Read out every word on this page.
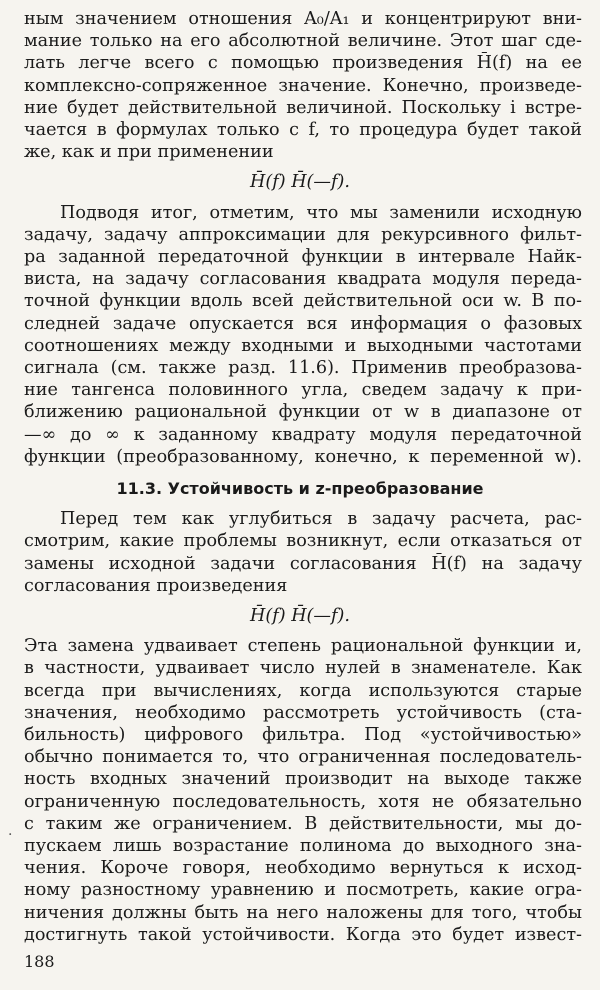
ным значением отношения A₀/A₁ и концентрируют вни-
мание только на его абсолютной величине. Этот шаг сде-
лать легче всего с помощью произведения H̄(f) на ее
комплексно-сопряженное значение. Конечно, произведе-
ние будет действительной величиной. Поскольку i встре-
чается в формулах только с f, то процедура будет такой
же, как и при применении
H̄(f) H̄(—f).
Подводя итог, отметим, что мы заменили исходную
задачу, задачу аппроксимации для рекурсивного фильт-
ра заданной передаточной функции в интервале Найк-
виста, на задачу согласования квадрата модуля переда-
точной функции вдоль всей действительной оси w. В по-
следней задаче опускается вся информация о фазовых
соотношениях между входными и выходными частотами
сигнала (см. также разд. 11.6). Применив преобразова-
ние тангенса половинного угла, сведем задачу к при-
ближению рациональной функции от w в диапазоне от
—∞ до ∞ к заданному квадрату модуля передаточной
функции (преобразованному, конечно, к переменной w).
11.3. Устойчивость и z-преобразование
Перед тем как углубиться в задачу расчета, рас-
смотрим, какие проблемы возникнут, если отказаться от
замены исходной задачи согласования H̄(f) на задачу
согласования произведения
H̄(f) H̄(—f).
Эта замена удваивает степень рациональной функции и,
в частности, удваивает число нулей в знаменателе. Как
всегда при вычислениях, когда используются старые
значения, необходимо рассмотреть устойчивость (ста-
бильность) цифрового фильтра. Под «устойчивостью»
обычно понимается то, что ограниченная последователь-
ность входных значений производит на выходе также
ограниченную последовательность, хотя не обязательно
с таким же ограничением. В действительности, мы до-
пускаем лишь возрастание полинома до выходного зна-
чения. Короче говоря, необходимо вернуться к исход-
ному разностному уравнению и посмотреть, какие огра-
ничения должны быть на него наложены для того, чтобы
достигнуть такой устойчивости. Когда это будет извест-
·
188
